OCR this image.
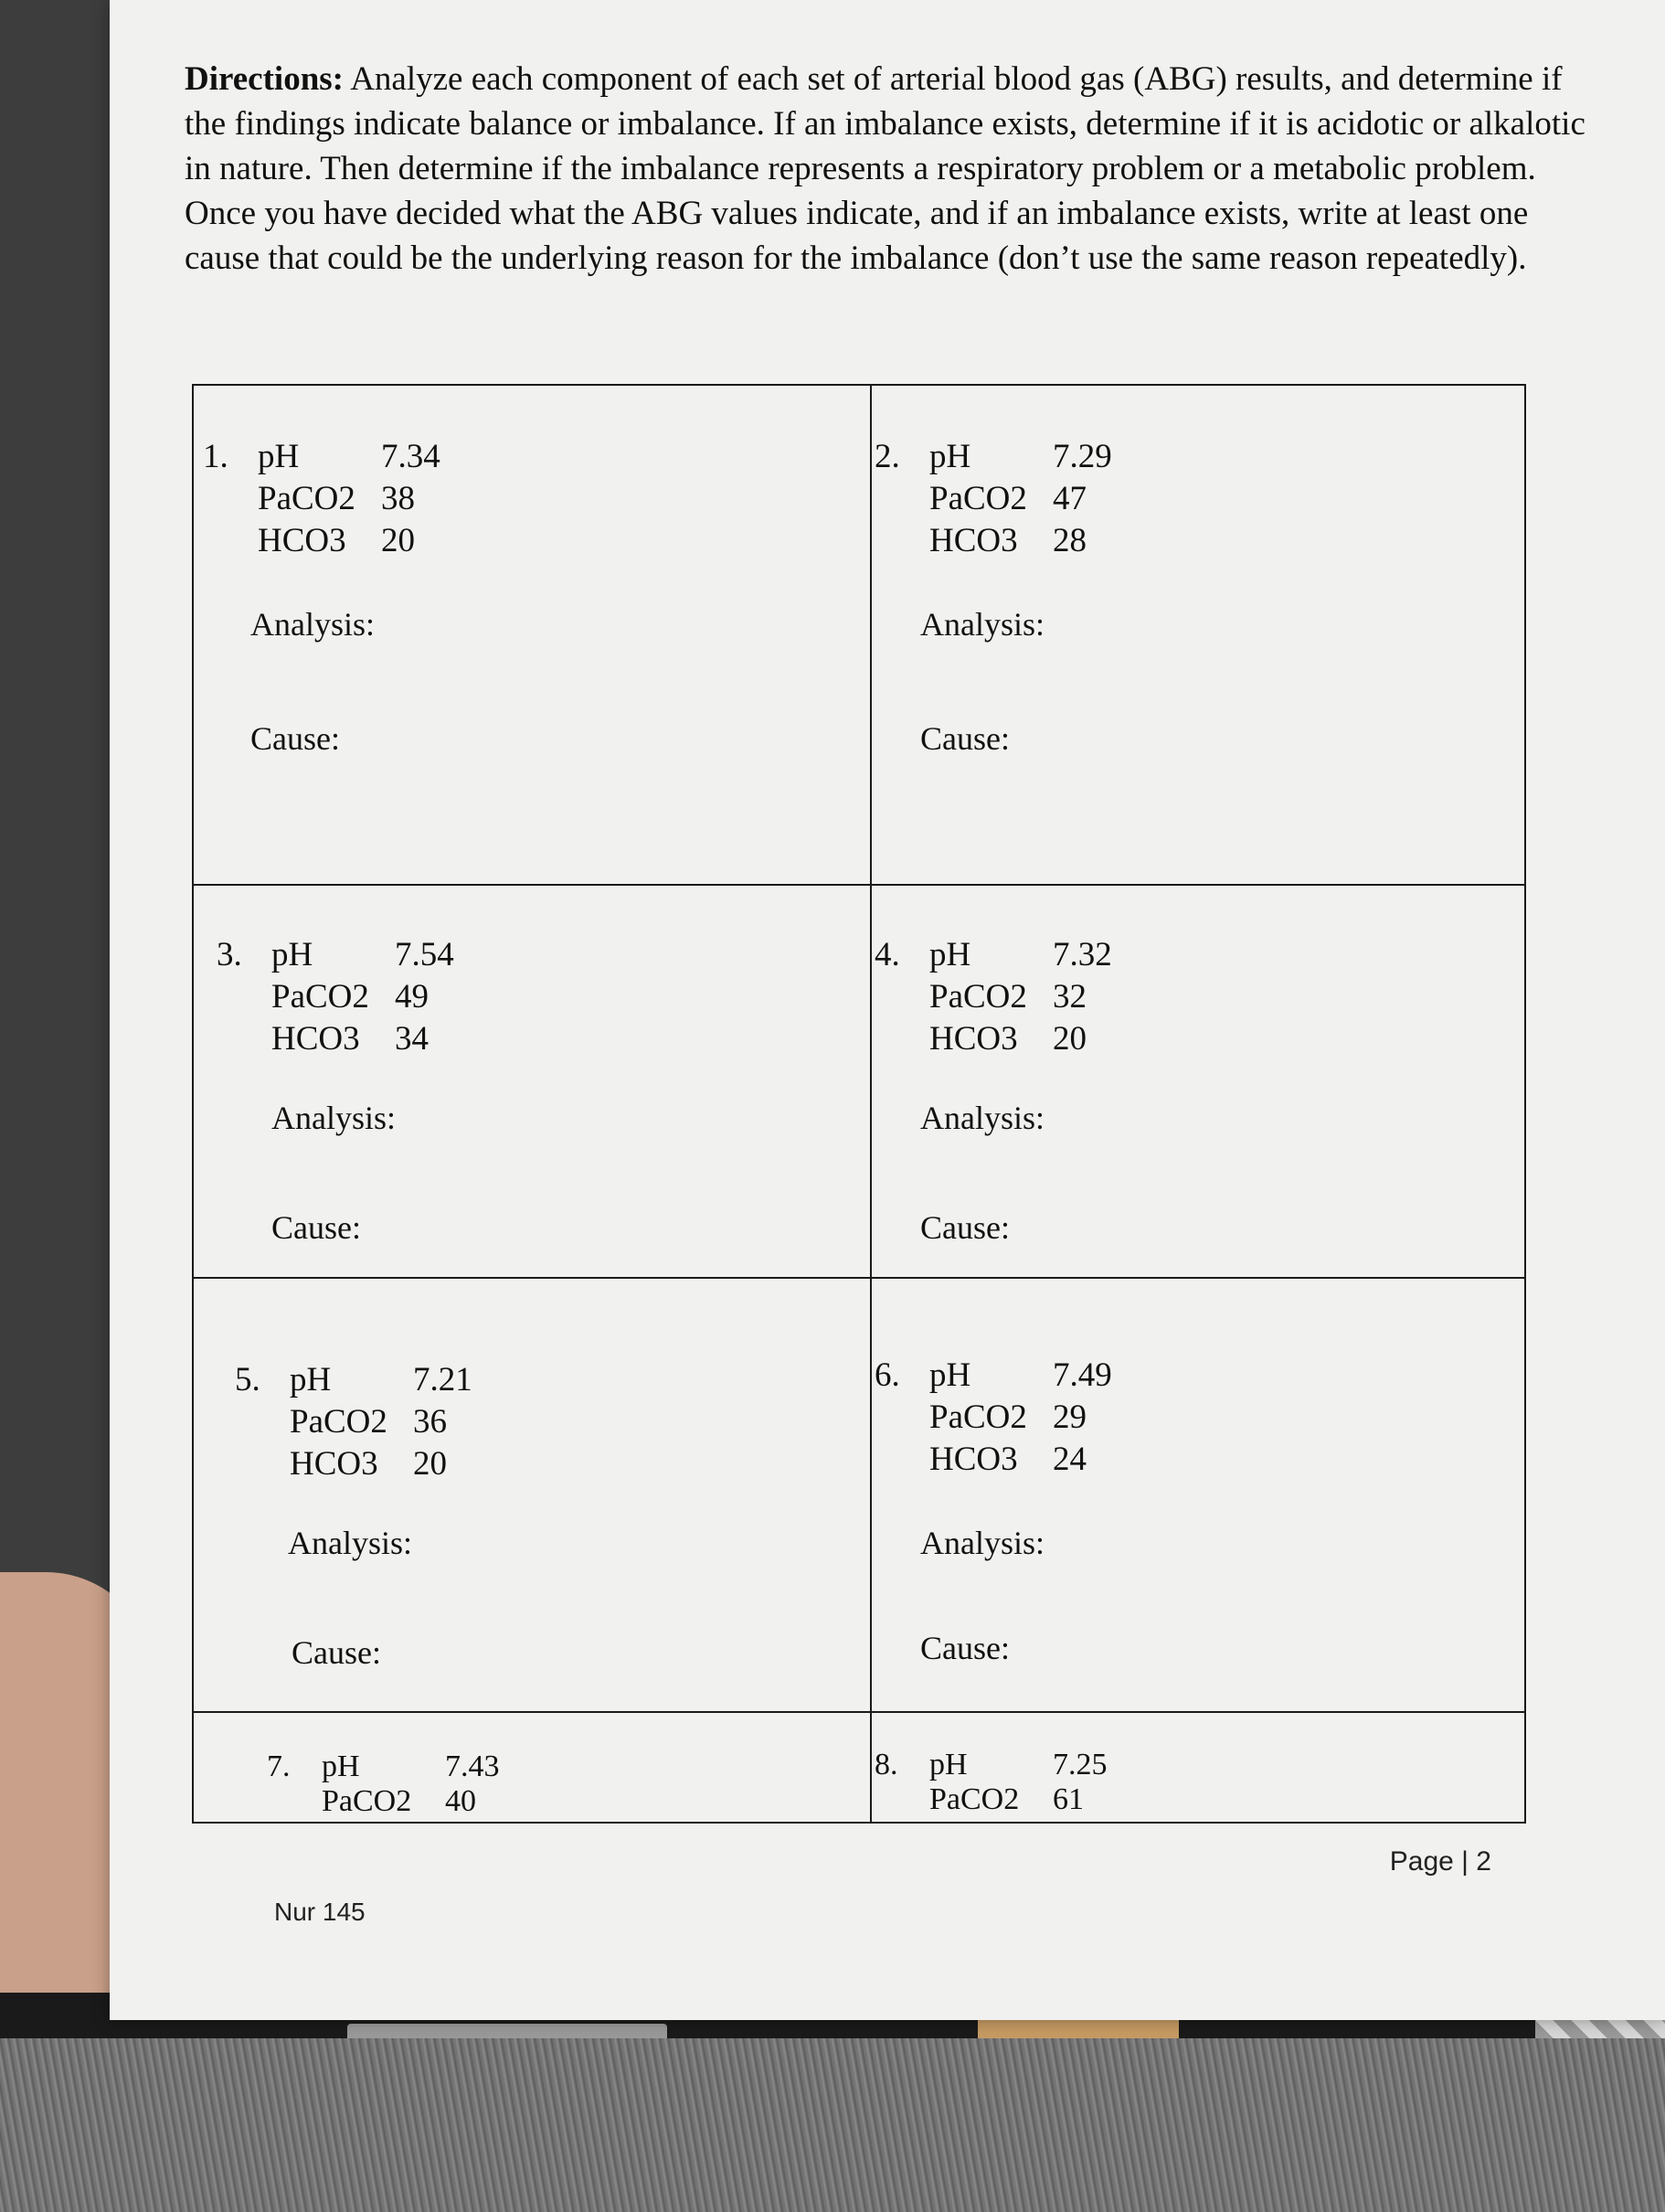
Directions: Analyze each component of each set of arterial blood gas (ABG) results, and determine if the findings indicate balance or imbalance. If an imbalance exists, determine if it is acidotic or alkalotic in nature. Then determine if the imbalance represents a respiratory problem or a metabolic problem. Once you have decided what the ABG values indicate, and if an imbalance exists, write at least one cause that could be the underlying reason for the imbalance (don’t use the same reason repeatedly).
1. pH	7.34
PaCO2 38
HCO3	20
Analysis:
Cause:
2. pH	7.29
PaCO2 47
HCO3	28
Analysis:
Cause:
3. pH	7.54
PaCO2 49
HCO3	34
Analysis:
Cause:
4. pH	7.32
PaCO2 32
HCO3	20
Analysis:
Cause:
5. pH	7.21
PaCO2 36
HCO3	20
Analysis:
Cause:
6. pH	7.49
PaCO2 29
HCO3	24
Analysis:
Cause:
7.	pH	7.43
PaCO2	40
8.	pH	7.25
PaCO2	61
Page | 2
Nur 145
